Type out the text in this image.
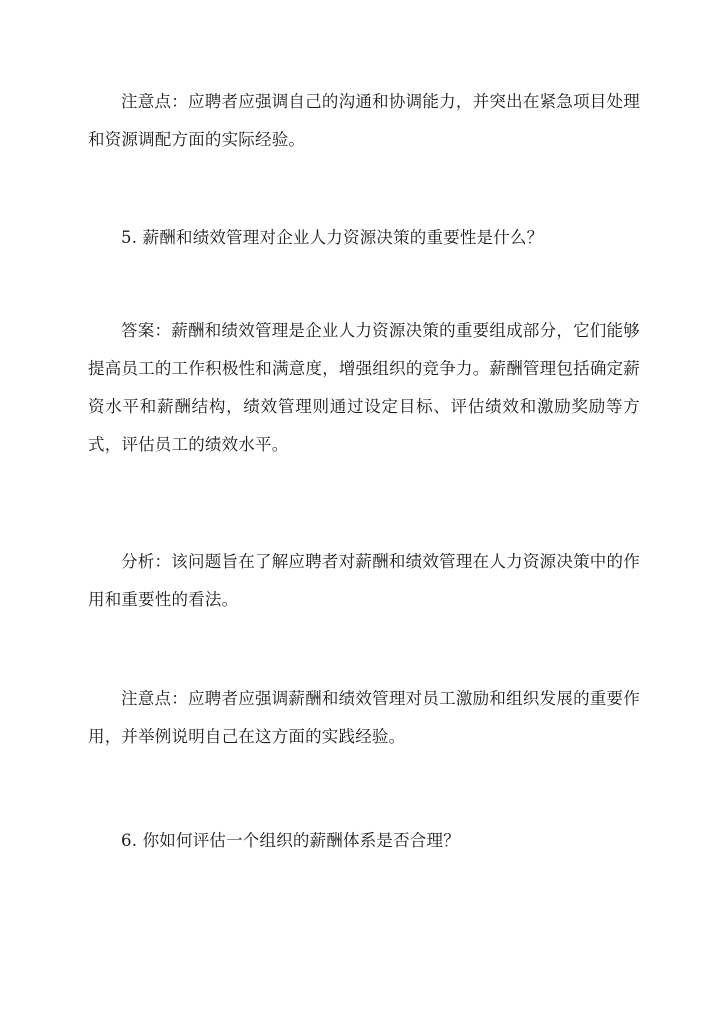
注意点：应聘者应强调自己的沟通和协调能力，并突出在紧急项目处理和资源调配方面的实际经验。

5. 薪酬和绩效管理对企业人力资源决策的重要性是什么？

答案：薪酬和绩效管理是企业人力资源决策的重要组成部分，它们能够提高员工的工作积极性和满意度，增强组织的竞争力。薪酬管理包括确定薪资水平和薪酬结构，绩效管理则通过设定目标、评估绩效和激励奖励等方式，评估员工的绩效水平。

分析：该问题旨在了解应聘者对薪酬和绩效管理在人力资源决策中的作用和重要性的看法。

注意点：应聘者应强调薪酬和绩效管理对员工激励和组织发展的重要作用，并举例说明自己在这方面的实践经验。

6. 你如何评估一个组织的薪酬体系是否合理？
